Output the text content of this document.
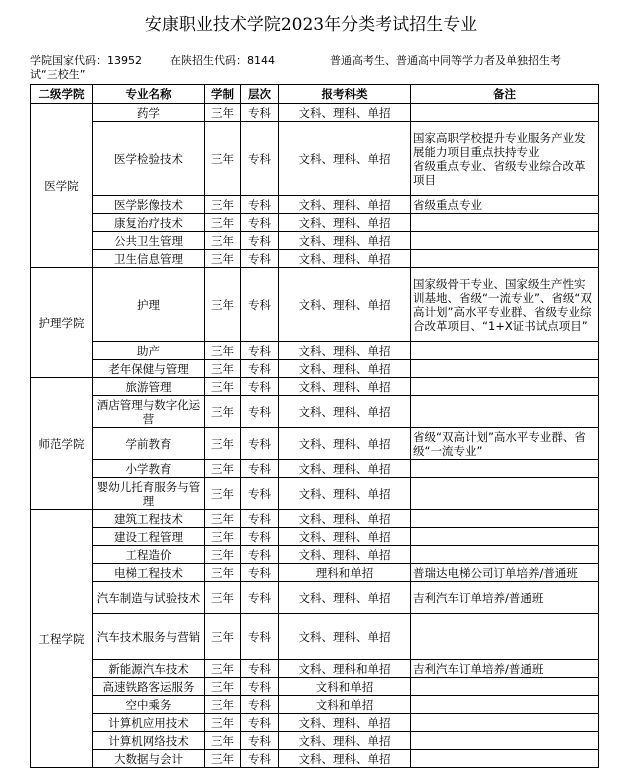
安康职业技术学院2023年分类考试招生专业
学院国家代码：13952	在陕招生代码：8144	普通高考生、普通高中同等学力者及单独招生考
试“三校生”
二级学院	专业名称	学制	层次	报考科类	备注
医学院	药学	三年	专科	文科、理科、单招	
	医学检验技术	三年	专科	文科、理科、单招	国家高职学校提升专业服务产业发展能力项目重点扶持专业
省级重点专业、省级专业综合改革项目
	医学影像技术	三年	专科	文科、理科、单招	省级重点专业
	康复治疗技术	三年	专科	文科、理科、单招	
	公共卫生管理	三年	专科	文科、理科、单招	
	卫生信息管理	三年	专科	文科、理科、单招	
护理学院	护理	三年	专科	文科、理科、单招	国家级骨干专业、国家级生产性实训基地、省级“一流专业”、省级“双高计划”高水平专业群、省级专业综合改革项目、“1+X证书试点项目”
	助产	三年	专科	文科、理科、单招	
	老年保健与管理	三年	专科	文科、理科、单招	
师范学院	旅游管理	三年	专科	文科、理科、单招	
	酒店管理与数字化运营	三年	专科	文科、理科、单招	
	学前教育	三年	专科	文科、理科、单招	省级“双高计划”高水平专业群、省级“一流专业”
	小学教育	三年	专科	文科、理科、单招	
	婴幼儿托育服务与管理	三年	专科	文科、理科、单招	
工程学院	建筑工程技术	三年	专科	文科、理科、单招	
	建设工程管理	三年	专科	文科、理科、单招	
	工程造价	三年	专科	文科、理科、单招	
	电梯工程技术	三年	专科	理科和单招	普瑞达电梯公司订单培养/普通班
	汽车制造与试验技术	三年	专科	文科、理科、单招	吉利汽车订单培养/普通班
	汽车技术服务与营销	三年	专科	文科、理科、单招	
	新能源汽车技术	三年	专科	文科、理科和单招	吉利汽车订单培养/普通班
	高速铁路客运服务	三年	专科	文科和单招	
	空中乘务	三年	专科	文科和单招	
	计算机应用技术	三年	专科	文科、理科、单招	
	计算机网络技术	三年	专科	文科、理科、单招	
	大数据与会计	三年	专科	文科、理科、单招	
